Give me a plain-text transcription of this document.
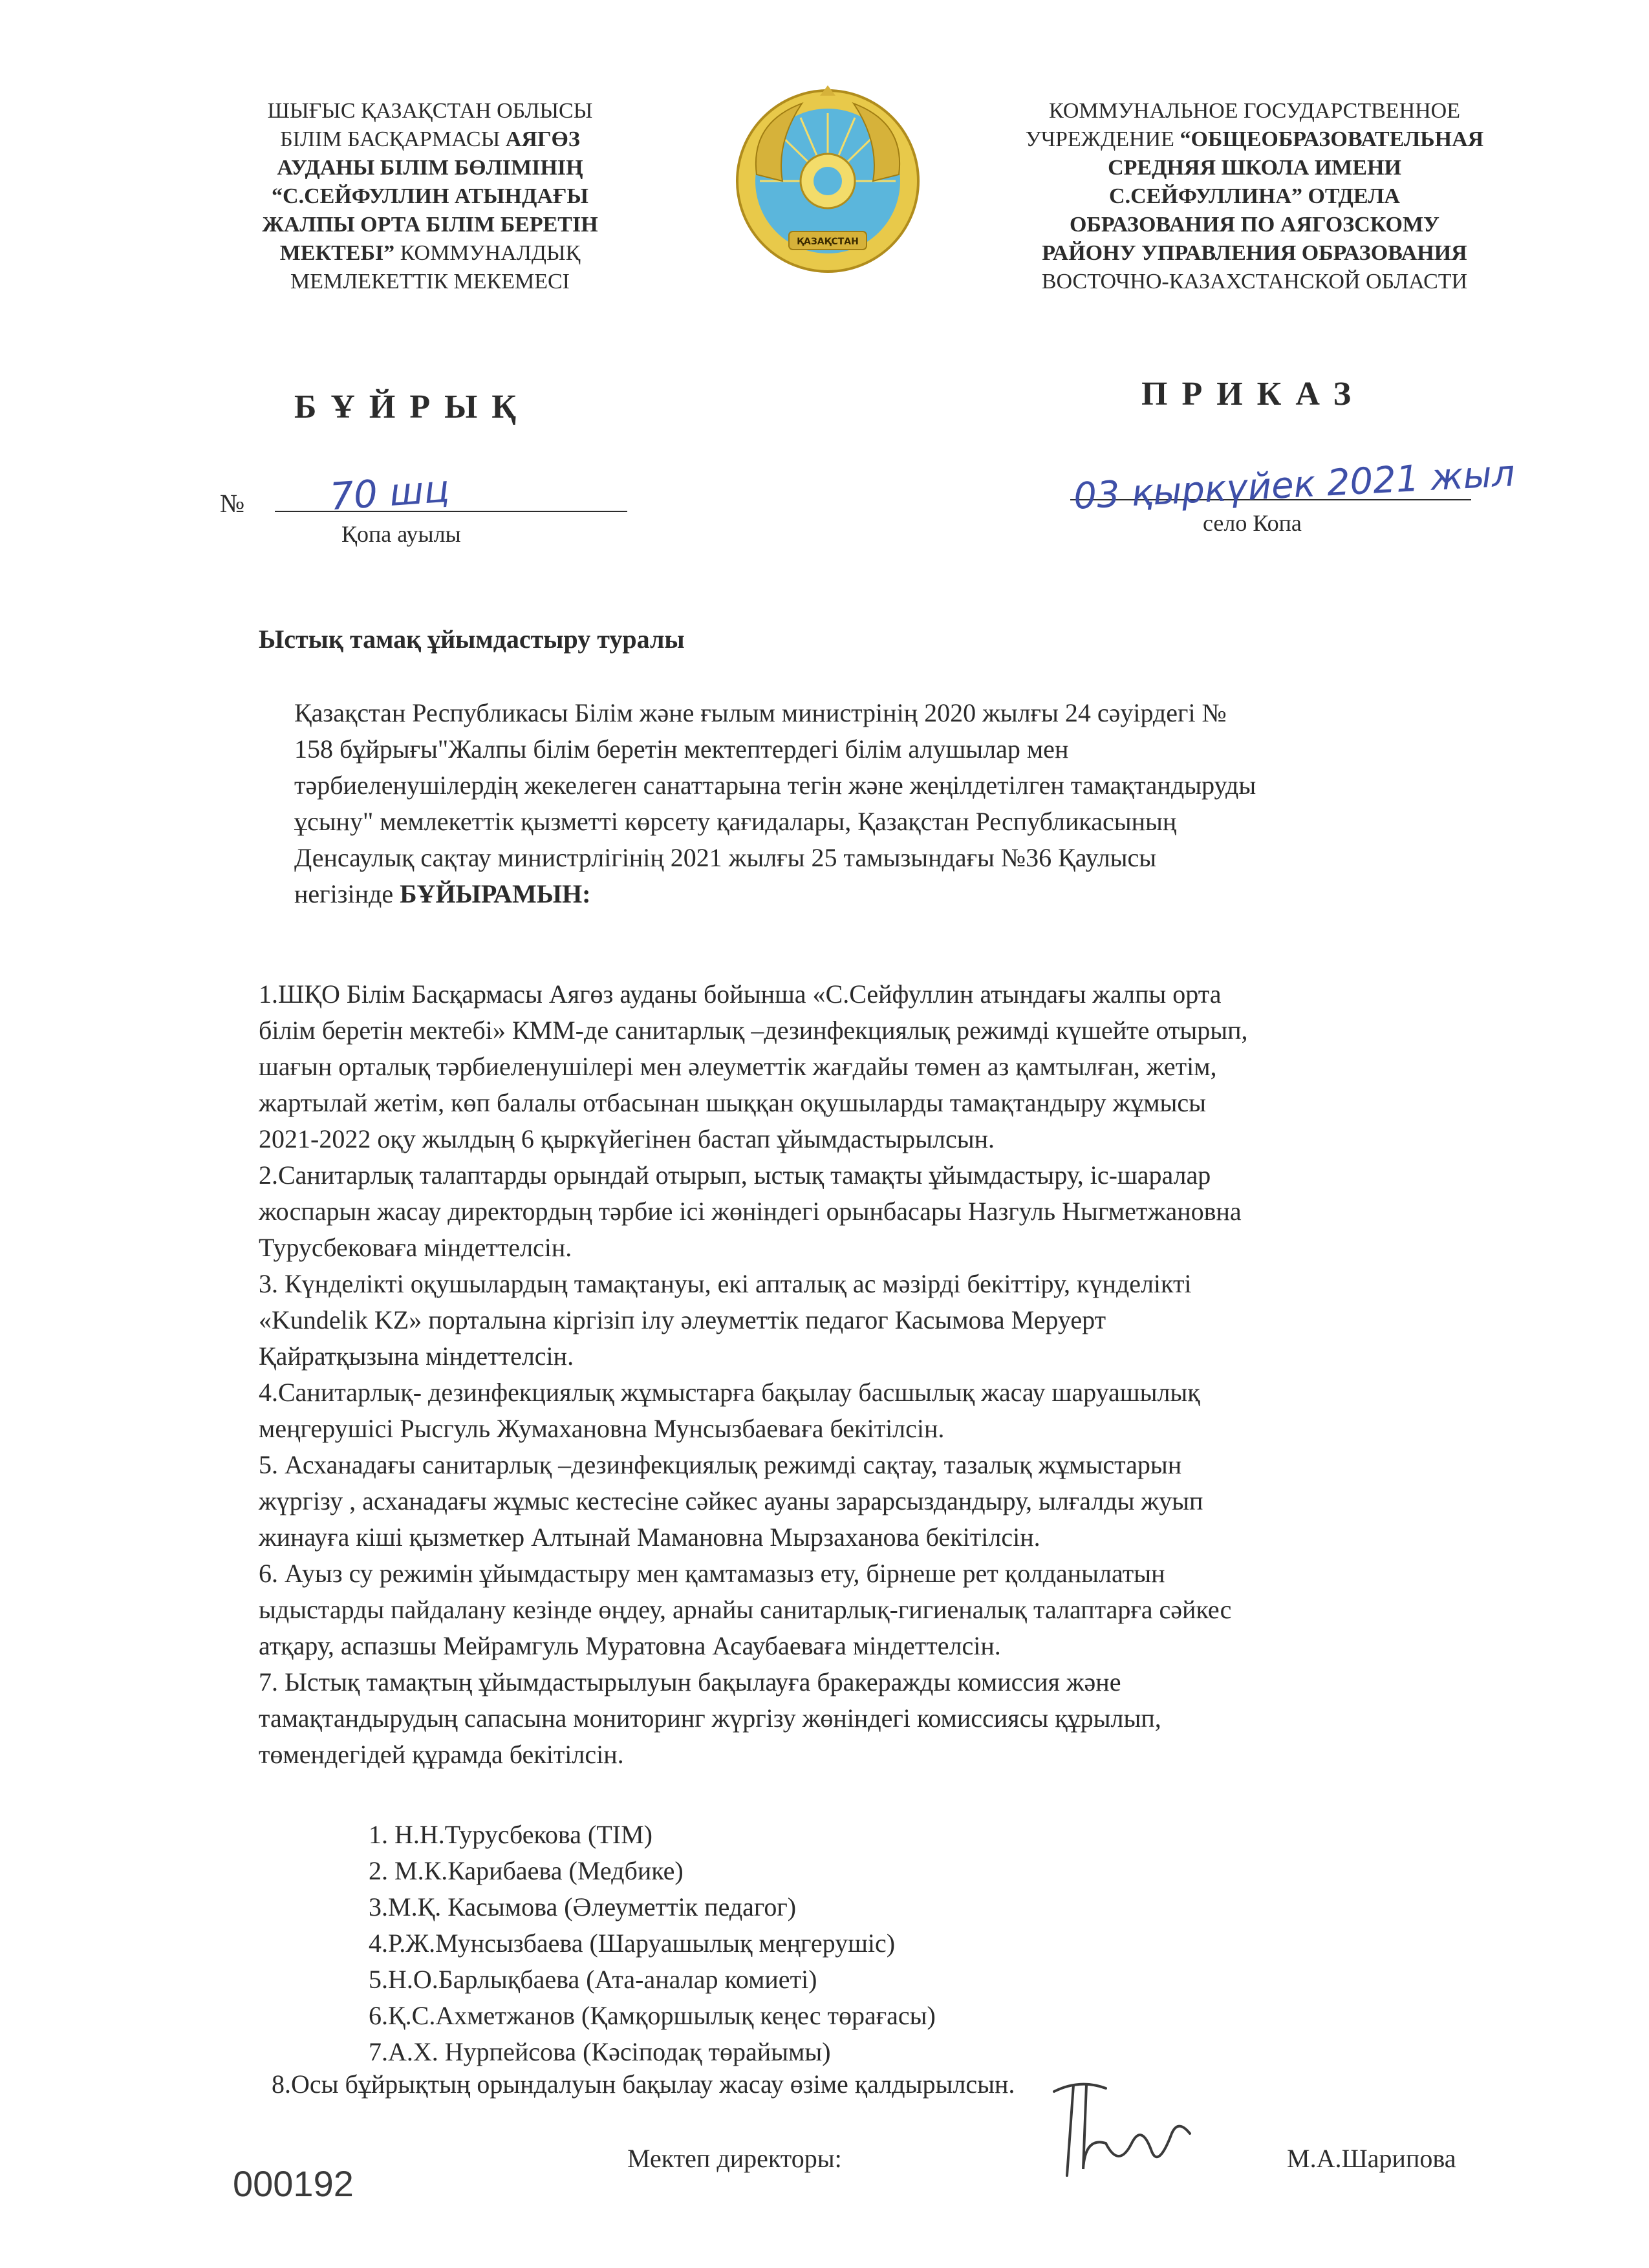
ШЫҒЫС ҚАЗАҚСТАН ОБЛЫСЫ
БІЛІМ БАСҚАРМАСЫ АЯГӨЗ
АУДАНЫ БІЛІМ БӨЛІМІНІҢ
“С.СЕЙФУЛЛИН АТЫНДАҒЫ
ЖАЛПЫ ОРТА БІЛІМ БЕРЕТІН
МЕКТЕБІ” КОММУНАЛДЫҚ
МЕМЛЕКЕТТІК МЕКЕМЕСІ
ҚАЗАҚСТАН
КОММУНАЛЬНОЕ ГОСУДАРСТВЕННОЕ
УЧРЕЖДЕНИЕ “ОБЩЕОБРАЗОВАТЕЛЬНАЯ
СРЕДНЯЯ ШКОЛА ИМЕНИ
С.СЕЙФУЛЛИНА” ОТДЕЛА
ОБРАЗОВАНИЯ ПО АЯГОЗСКОМУ
РАЙОНУ УПРАВЛЕНИЯ ОБРАЗОВАНИЯ
ВОСТОЧНО-КАЗАХСТАНСКОЙ ОБЛАСТИ
БҰЙРЫҚ	ПРИКАЗ
№ 70 шц
Қопа ауылы
03 қыркүйек 2021 жыл
село Копа
Ыстық тамақ ұйымдастыру туралы
Қазақстан Республикасы Білім және ғылым министрінің 2020 жылғы 24 сәуірдегі №
158 бұйрығы"Жалпы білім беретін мектептердегі білім алушылар мен
тәрбиеленушілердің жекелеген санаттарына тегін және жеңілдетілген тамақтандыруды
ұсыну" мемлекеттік қызметті көрсету қағидалары, Қазақстан Республикасының
Денсаулық сақтау министрлігінің 2021 жылғы 25 тамызындағы №36 Қаулысы
негізінде БҰЙЫРАМЫН:
1.ШҚО Білім Басқармасы Аягөз ауданы бойынша «С.Сейфуллин атындағы жалпы орта
білім беретін мектебі» КММ-де санитарлық –дезинфекциялық режимді күшейте отырып,
шағын орталық тәрбиеленушілері мен әлеуметтік жағдайы төмен аз қамтылған, жетім,
жартылай жетім, көп балалы отбасынан шыққан оқушыларды тамақтандыру жұмысы
2021-2022 оқу жылдың 6 қыркүйегінен бастап ұйымдастырылсын.
2.Санитарлық талаптарды орындай отырып, ыстық тамақты ұйымдастыру, іс-шаралар
жоспарын жасау директордың тәрбие ісі жөніндегі орынбасары Назгуль Ныгметжановна
Турусбековаға міндеттелсін.
3. Күнделікті оқушылардың тамақтануы, екі апталық ас мәзірді бекіттіру, күнделікті
«Kundelik KZ» порталына кіргізіп ілу әлеуметтік педагог Касымова Меруерт
Қайратқызына міндеттелсін.
4.Санитарлық- дезинфекциялық жұмыстарға бақылау басшылық жасау шаруашылық
меңгерушісі Рысгуль Жумахановна Мунсызбаеваға бекітілсін.
5. Асханадағы санитарлық –дезинфекциялық режимді сақтау, тазалық жұмыстарын
жүргізу , асханадағы жұмыс кестесіне сәйкес ауаны зарарсыздандыру, ылғалды жуып
жинауға кіші қызметкер Алтынай Мамановна Мырзаханова бекітілсін.
6. Ауыз су режимін ұйымдастыру мен қамтамазыз ету, бірнеше рет қолданылатын
ыдыстарды пайдалану кезінде өңдеу, арнайы санитарлық-гигиеналық талаптарға сәйкес
атқару, аспазшы Мейрамгуль Муратовна Асаубаеваға міндеттелсін.
7. Ыстық тамақтың ұйымдастырылуын бақылауға бракеражды комиссия және
тамақтандырудың сапасына мониторинг жүргізу жөніндегі комиссиясы құрылып,
төмендегідей құрамда бекітілсін.
1. Н.Н.Турусбекова (ТІМ)
2. М.К.Карибаева (Медбике)
3.М.Қ. Касымова (Әлеуметтік педагог)
4.Р.Ж.Мунсызбаева (Шаруашылық меңгерушіс)
5.Н.О.Барлықбаева (Ата-аналар комиеті)
6.Қ.С.Ахметжанов (Қамқоршылық кеңес төрағасы)
7.А.Х. Нурпейсова (Кәсіподақ төрайымы)
8.Осы бұйрықтың орындалуын бақылау жасау өзіме қалдырылсын.
Мектеп директоры:	М.А.Шарипова
000192
